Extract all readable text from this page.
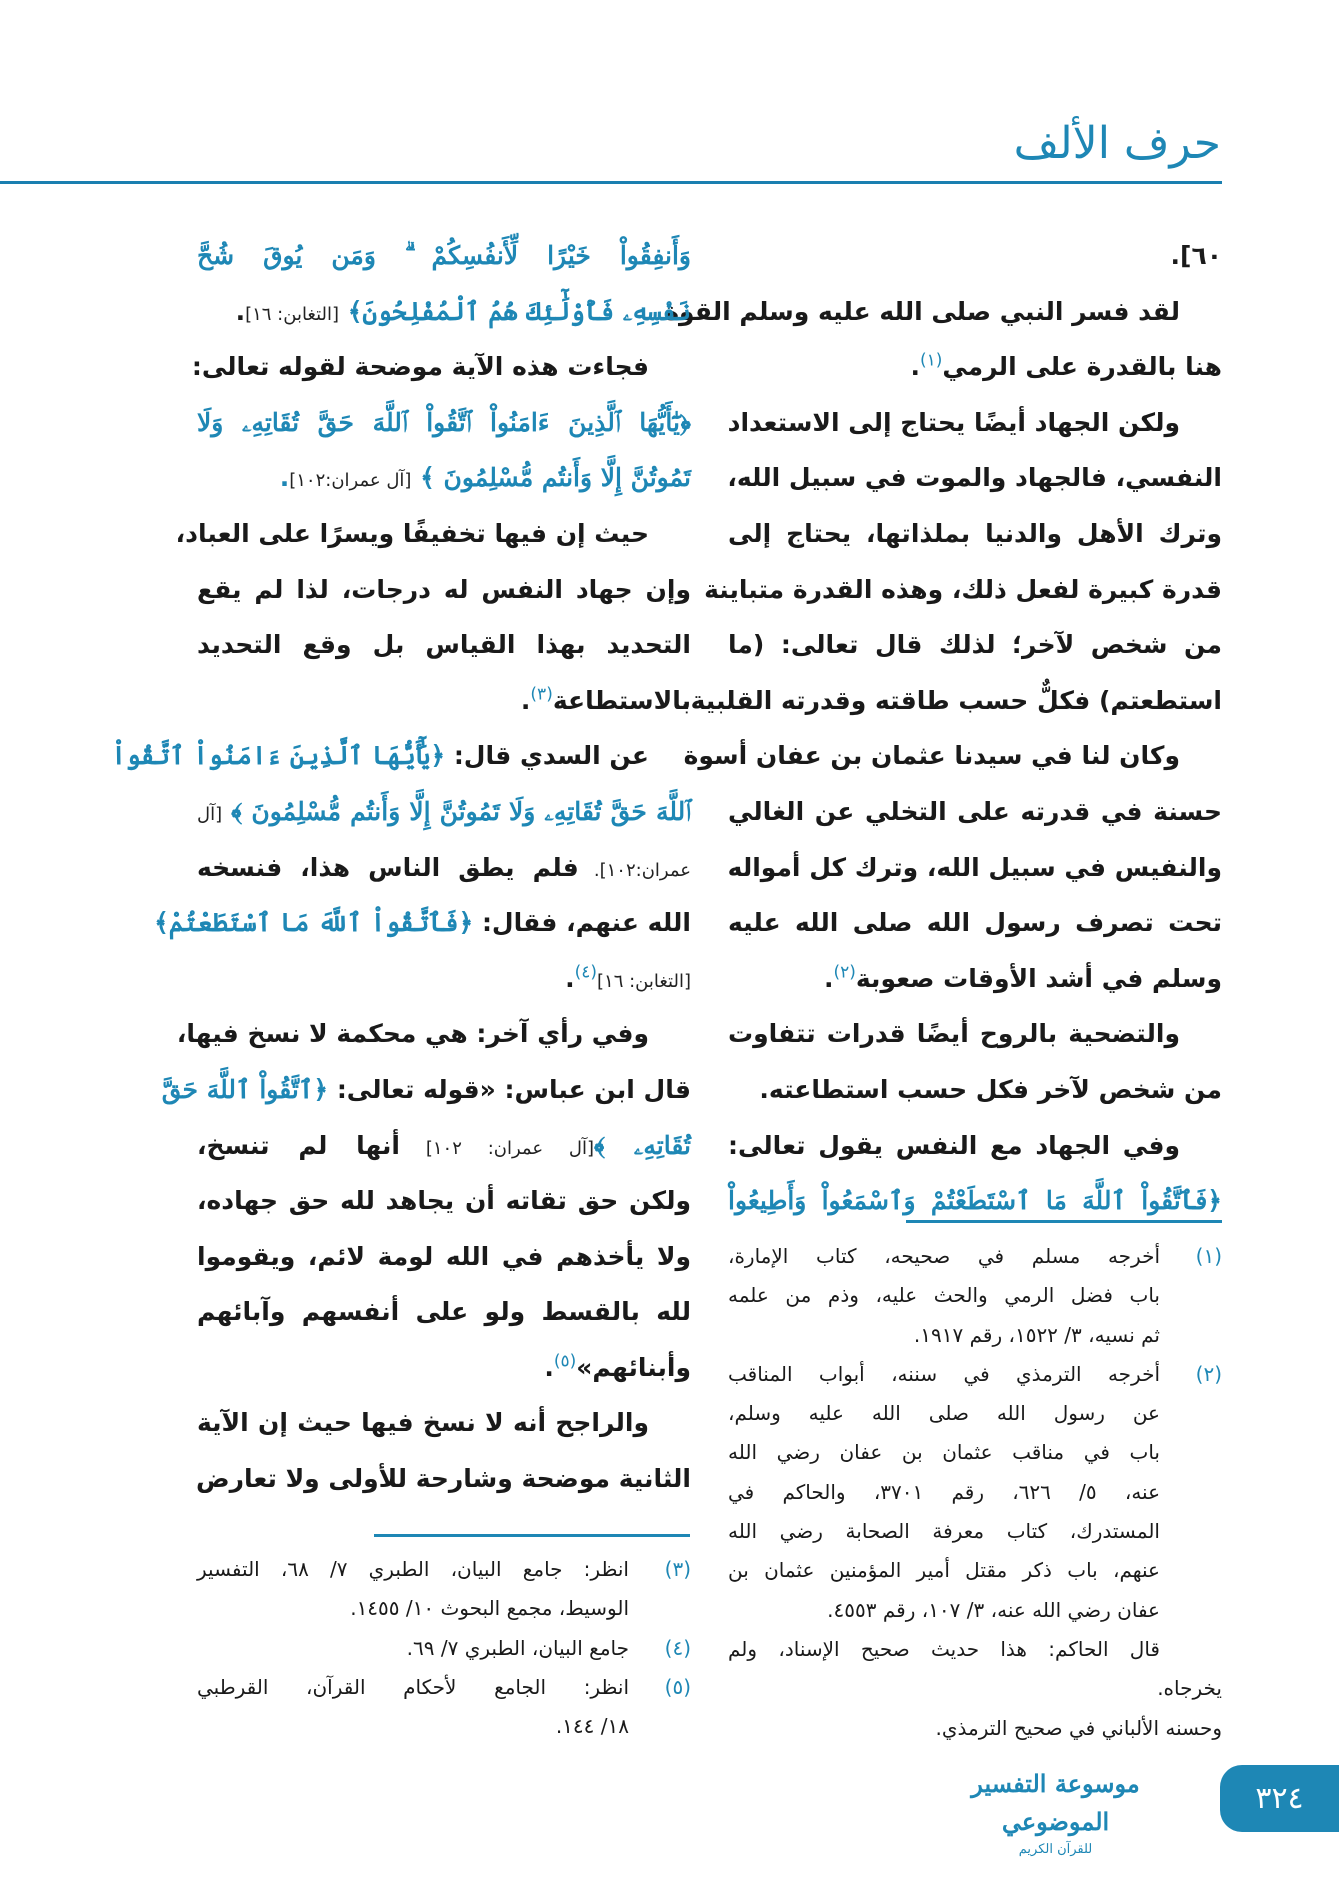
حرف الألف
٦٠].
لقد فسر النبي صلى الله عليه وسلم القوة
هنا بالقدرة على الرمي$^{(١)}$.
ولكن الجهاد أيضًا يحتاج إلى الاستعداد
النفسي، فالجهاد والموت في سبيل الله،
وترك الأهل والدنيا بملذاتها، يحتاج إلى
قدرة كبيرة لفعل ذلك، وهذه القدرة متباينة
من شخص لآخر؛ لذلك قال تعالى: (ما
استطعتم) فكلٌّ حسب طاقته وقدرته القلبية.
وكان لنا في سيدنا عثمان بن عفان أسوة
حسنة في قدرته على التخلي عن الغالي
والنفيس في سبيل الله، وترك كل أمواله
تحت تصرف رسول الله صلى الله عليه
وسلم في أشد الأوقات صعوبة$^{(٢)}$.
والتضحية بالروح أيضًا قدرات تتفاوت
من شخص لآخر فكل حسب استطاعته.
وفي الجهاد مع النفس يقول تعالى:
﴿فَٱتَّقُواْ ٱللَّهَ مَا ٱسْتَطَعْتُمْ وَٱسْمَعُواْ وَأَطِيعُواْ
وَأَنفِقُواْ خَيْرًا لِّأَنفُسِكُمْ ۗ وَمَن يُوقَ شُحَّ
نَفْسِهِۦ فَأُوْلَٰٓئِكَ هُمُ ٱلْمُفْلِحُونَ﴾ [التغابن: ١٦].
فجاءت هذه الآية موضحة لقوله تعالى:
﴿يَٰٓأَيُّهَا ٱلَّذِينَ ءَامَنُواْ ٱتَّقُواْ ٱللَّهَ حَقَّ تُقَاتِهِۦ وَلَا
تَمُوتُنَّ إِلَّا وَأَنتُم مُّسْلِمُونَ ﴾ [آل عمران:١٠٢].
حيث إن فيها تخفيفًا ويسرًا على العباد،
وإن جهاد النفس له درجات، لذا لم يقع
التحديد بهذا القياس بل وقع التحديد
بالاستطاعة$^{(٣)}$.
عن السدي قال: ﴿يَٰٓأَيُّهَا ٱلَّذِينَ ءَامَنُواْ ٱتَّقُواْ
ٱللَّهَ حَقَّ تُقَاتِهِۦ وَلَا تَمُوتُنَّ إِلَّا وَأَنتُم مُّسْلِمُونَ ﴾ [آل
عمران:١٠٢]. فلم يطق الناس هذا، فنسخه
الله عنهم، فقال: ﴿فَٱتَّقُواْ ٱللَّهَ مَا ٱسْتَطَعْتُمْ﴾
[التغابن: ١٦]$^{(٤)}$.
وفي رأي آخر: هي محكمة لا نسخ فيها،
قال ابن عباس: «قوله تعالى: ﴿ٱتَّقُواْ ٱللَّهَ حَقَّ
تُقَاتِهِۦ ﴾[آل عمران: ١٠٢] أنها لم تنسخ،
ولكن حق تقاته أن يجاهد لله حق جهاده،
ولا يأخذهم في الله لومة لائم، ويقوموا
لله بالقسط ولو على أنفسهم وآبائهم
وأبنائهم»$^{(٥)}$.
والراجح أنه لا نسخ فيها حيث إن الآية
الثانية موضحة وشارحة للأولى ولا تعارض
(١)
أخرجه مسلم في صحيحه، كتاب الإمارة،
باب فضل الرمي والحث عليه، وذم من علمه
ثم نسيه، ٣/ ١٥٢٢، رقم ١٩١٧.
(٢)
أخرجه الترمذي في سننه، أبواب المناقب
عن رسول الله صلى الله عليه وسلم،
باب في مناقب عثمان بن عفان رضي الله
عنه، ٥/ ٦٢٦، رقم ٣٧٠١، والحاكم في
المستدرك، كتاب معرفة الصحابة رضي الله
عنهم، باب ذكر مقتل أمير المؤمنين عثمان بن
عفان رضي الله عنه، ٣/ ١٠٧، رقم ٤٥٥٣.
قال الحاكم: هذا حديث صحيح الإسناد، ولم
يخرجاه.
وحسنه الألباني في صحيح الترمذي.
(٣)
انظر: جامع البيان، الطبري ٧/ ٦٨، التفسير
الوسيط، مجمع البحوث ١٠/ ١٤٥٥.
(٤)
جامع البيان، الطبري ٧/ ٦٩.
(٥)
انظر: الجامع لأحكام القرآن، القرطبي
١٨/ ١٤٤.
موسوعة التفسير الموضوعي
للقرآن الكريم
٣٢٤
